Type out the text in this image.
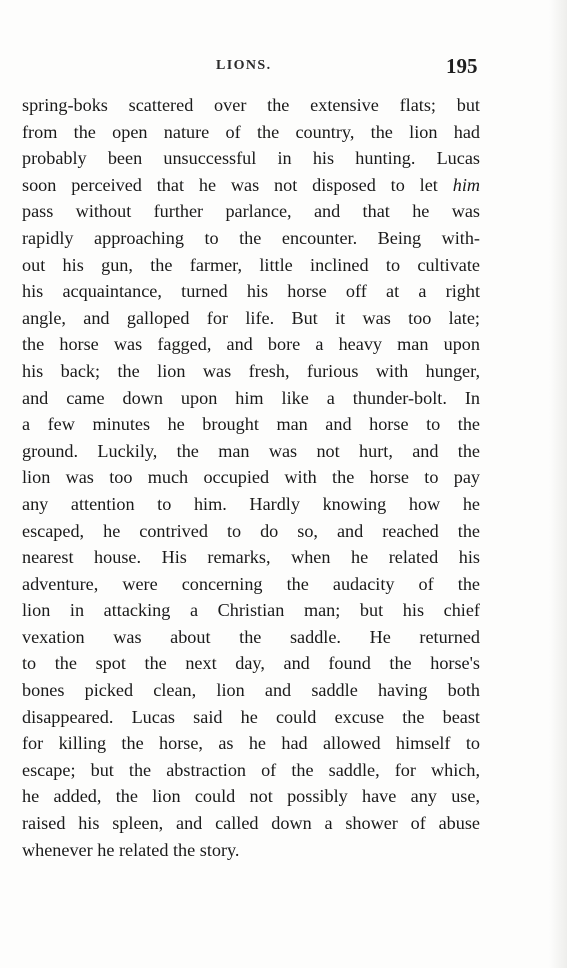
LIONS.	195
spring-boks scattered over the extensive flats; but
from the open nature of the country, the lion had
probably been unsuccessful in his hunting. Lucas
soon perceived that he was not disposed to let him
pass without further parlance, and that he was
rapidly approaching to the encounter. Being with-
out his gun, the farmer, little inclined to cultivate
his acquaintance, turned his horse off at a right
angle, and galloped for life. But it was too late;
the horse was fagged, and bore a heavy man upon
his back; the lion was fresh, furious with hunger,
and came down upon him like a thunder-bolt. In
a few minutes he brought man and horse to the
ground. Luckily, the man was not hurt, and the
lion was too much occupied with the horse to pay
any attention to him. Hardly knowing how he
escaped, he contrived to do so, and reached the
nearest house. His remarks, when he related his
adventure, were concerning the audacity of the
lion in attacking a Christian man; but his chief
vexation was about the saddle. He returned
to the spot the next day, and found the horse's
bones picked clean, lion and saddle having both
disappeared. Lucas said he could excuse the beast
for killing the horse, as he had allowed himself to
escape; but the abstraction of the saddle, for which,
he added, the lion could not possibly have any use,
raised his spleen, and called down a shower of abuse
whenever he related the story.
